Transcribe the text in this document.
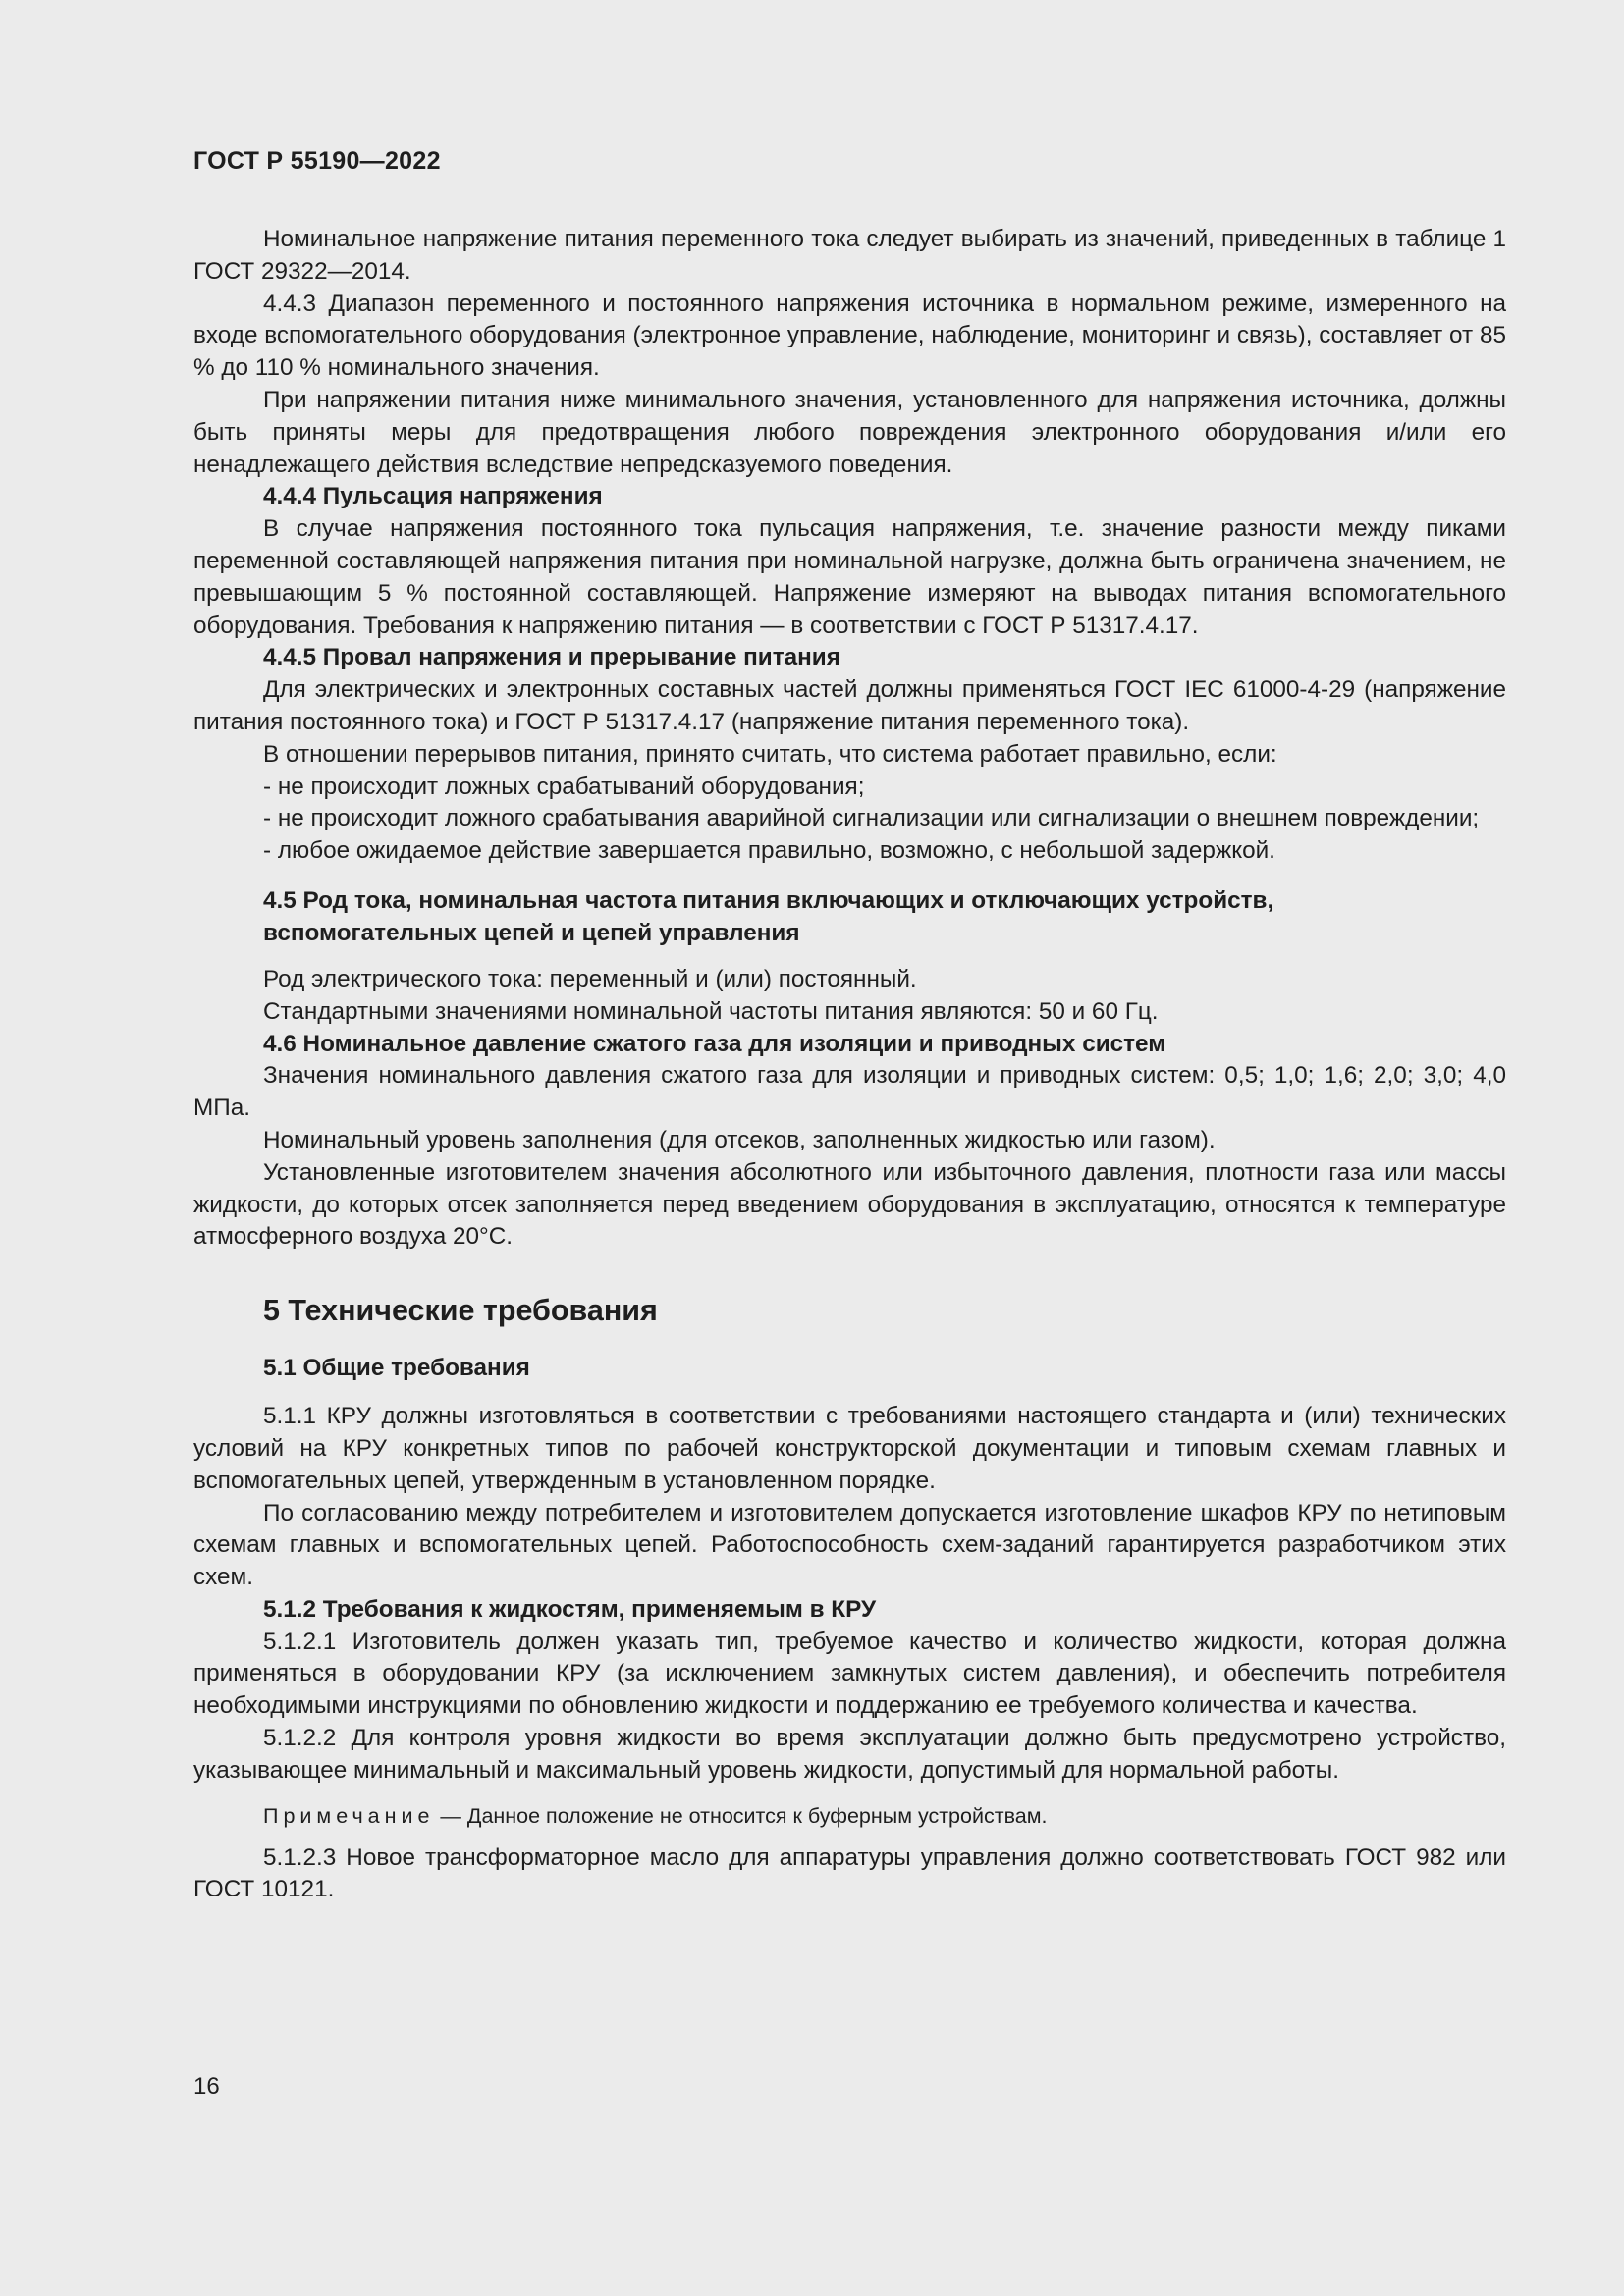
ГОСТ Р 55190—2022

Номинальное напряжение питания переменного тока следует выбирать из значений, приведенных в таблице 1 ГОСТ 29322—2014.

4.4.3 Диапазон переменного и постоянного напряжения источника в нормальном режиме, измеренного на входе вспомогательного оборудования (электронное управление, наблюдение, мониторинг и связь), составляет от 85 % до 110 % номинального значения.

При напряжении питания ниже минимального значения, установленного для напряжения источника, должны быть приняты меры для предотвращения любого повреждения электронного оборудования и/или его ненадлежащего действия вследствие непредсказуемого поведения.

4.4.4 Пульсация напряжения

В случае напряжения постоянного тока пульсация напряжения, т.е. значение разности между пиками переменной составляющей напряжения питания при номинальной нагрузке, должна быть ограничена значением, не превышающим 5 % постоянной составляющей. Напряжение измеряют на выводах питания вспомогательного оборудования. Требования к напряжению питания — в соответствии с ГОСТ Р 51317.4.17.

4.4.5 Провал напряжения и прерывание питания

Для электрических и электронных составных частей должны применяться ГОСТ IEC 61000-4-29 (напряжение питания постоянного тока) и ГОСТ Р 51317.4.17 (напряжение питания переменного тока).

В отношении перерывов питания, принято считать, что система работает правильно, если:

- не происходит ложных срабатываний оборудования;

- не происходит ложного срабатывания аварийной сигнализации или сигнализации о внешнем повреждении;

- любое ожидаемое действие завершается правильно, возможно, с небольшой задержкой.

4.5 Род тока, номинальная частота питания включающих и отключающих устройств,
вспомогательных цепей и цепей управления

Род электрического тока: переменный и (или) постоянный.

Стандартными значениями номинальной частоты питания являются: 50 и 60 Гц.

4.6 Номинальное давление сжатого газа для изоляции и приводных систем

Значения номинального давления сжатого газа для изоляции и приводных систем: 0,5; 1,0; 1,6; 2,0; 3,0; 4,0 МПа.

Номинальный уровень заполнения (для отсеков, заполненных жидкостью или газом).

Установленные изготовителем значения абсолютного или избыточного давления, плотности газа или массы жидкости, до которых отсек заполняется перед введением оборудования в эксплуатацию, относятся к температуре атмосферного воздуха 20°С.

5 Технические требования
5.1 Общие требования

5.1.1 КРУ должны изготовляться в соответствии с требованиями настоящего стандарта и (или) технических условий на КРУ конкретных типов по рабочей конструкторской документации и типовым схемам главных и вспомогательных цепей, утвержденным в установленном порядке.

По согласованию между потребителем и изготовителем допускается изготовление шкафов КРУ по нетиповым схемам главных и вспомогательных цепей. Работоспособность схем-заданий гарантируется разработчиком этих схем.

5.1.2 Требования к жидкостям, применяемым в КРУ

5.1.2.1 Изготовитель должен указать тип, требуемое качество и количество жидкости, которая должна применяться в оборудовании КРУ (за исключением замкнутых систем давления), и обеспечить потребителя необходимыми инструкциями по обновлению жидкости и поддержанию ее требуемого количества и качества.

5.1.2.2 Для контроля уровня жидкости во время эксплуатации должно быть предусмотрено устройство, указывающее минимальный и максимальный уровень жидкости, допустимый для нормальной работы.

Примечание — Данное положение не относится к буферным устройствам.

5.1.2.3 Новое трансформаторное масло для аппаратуры управления должно соответствовать ГОСТ 982 или ГОСТ 10121.

16
